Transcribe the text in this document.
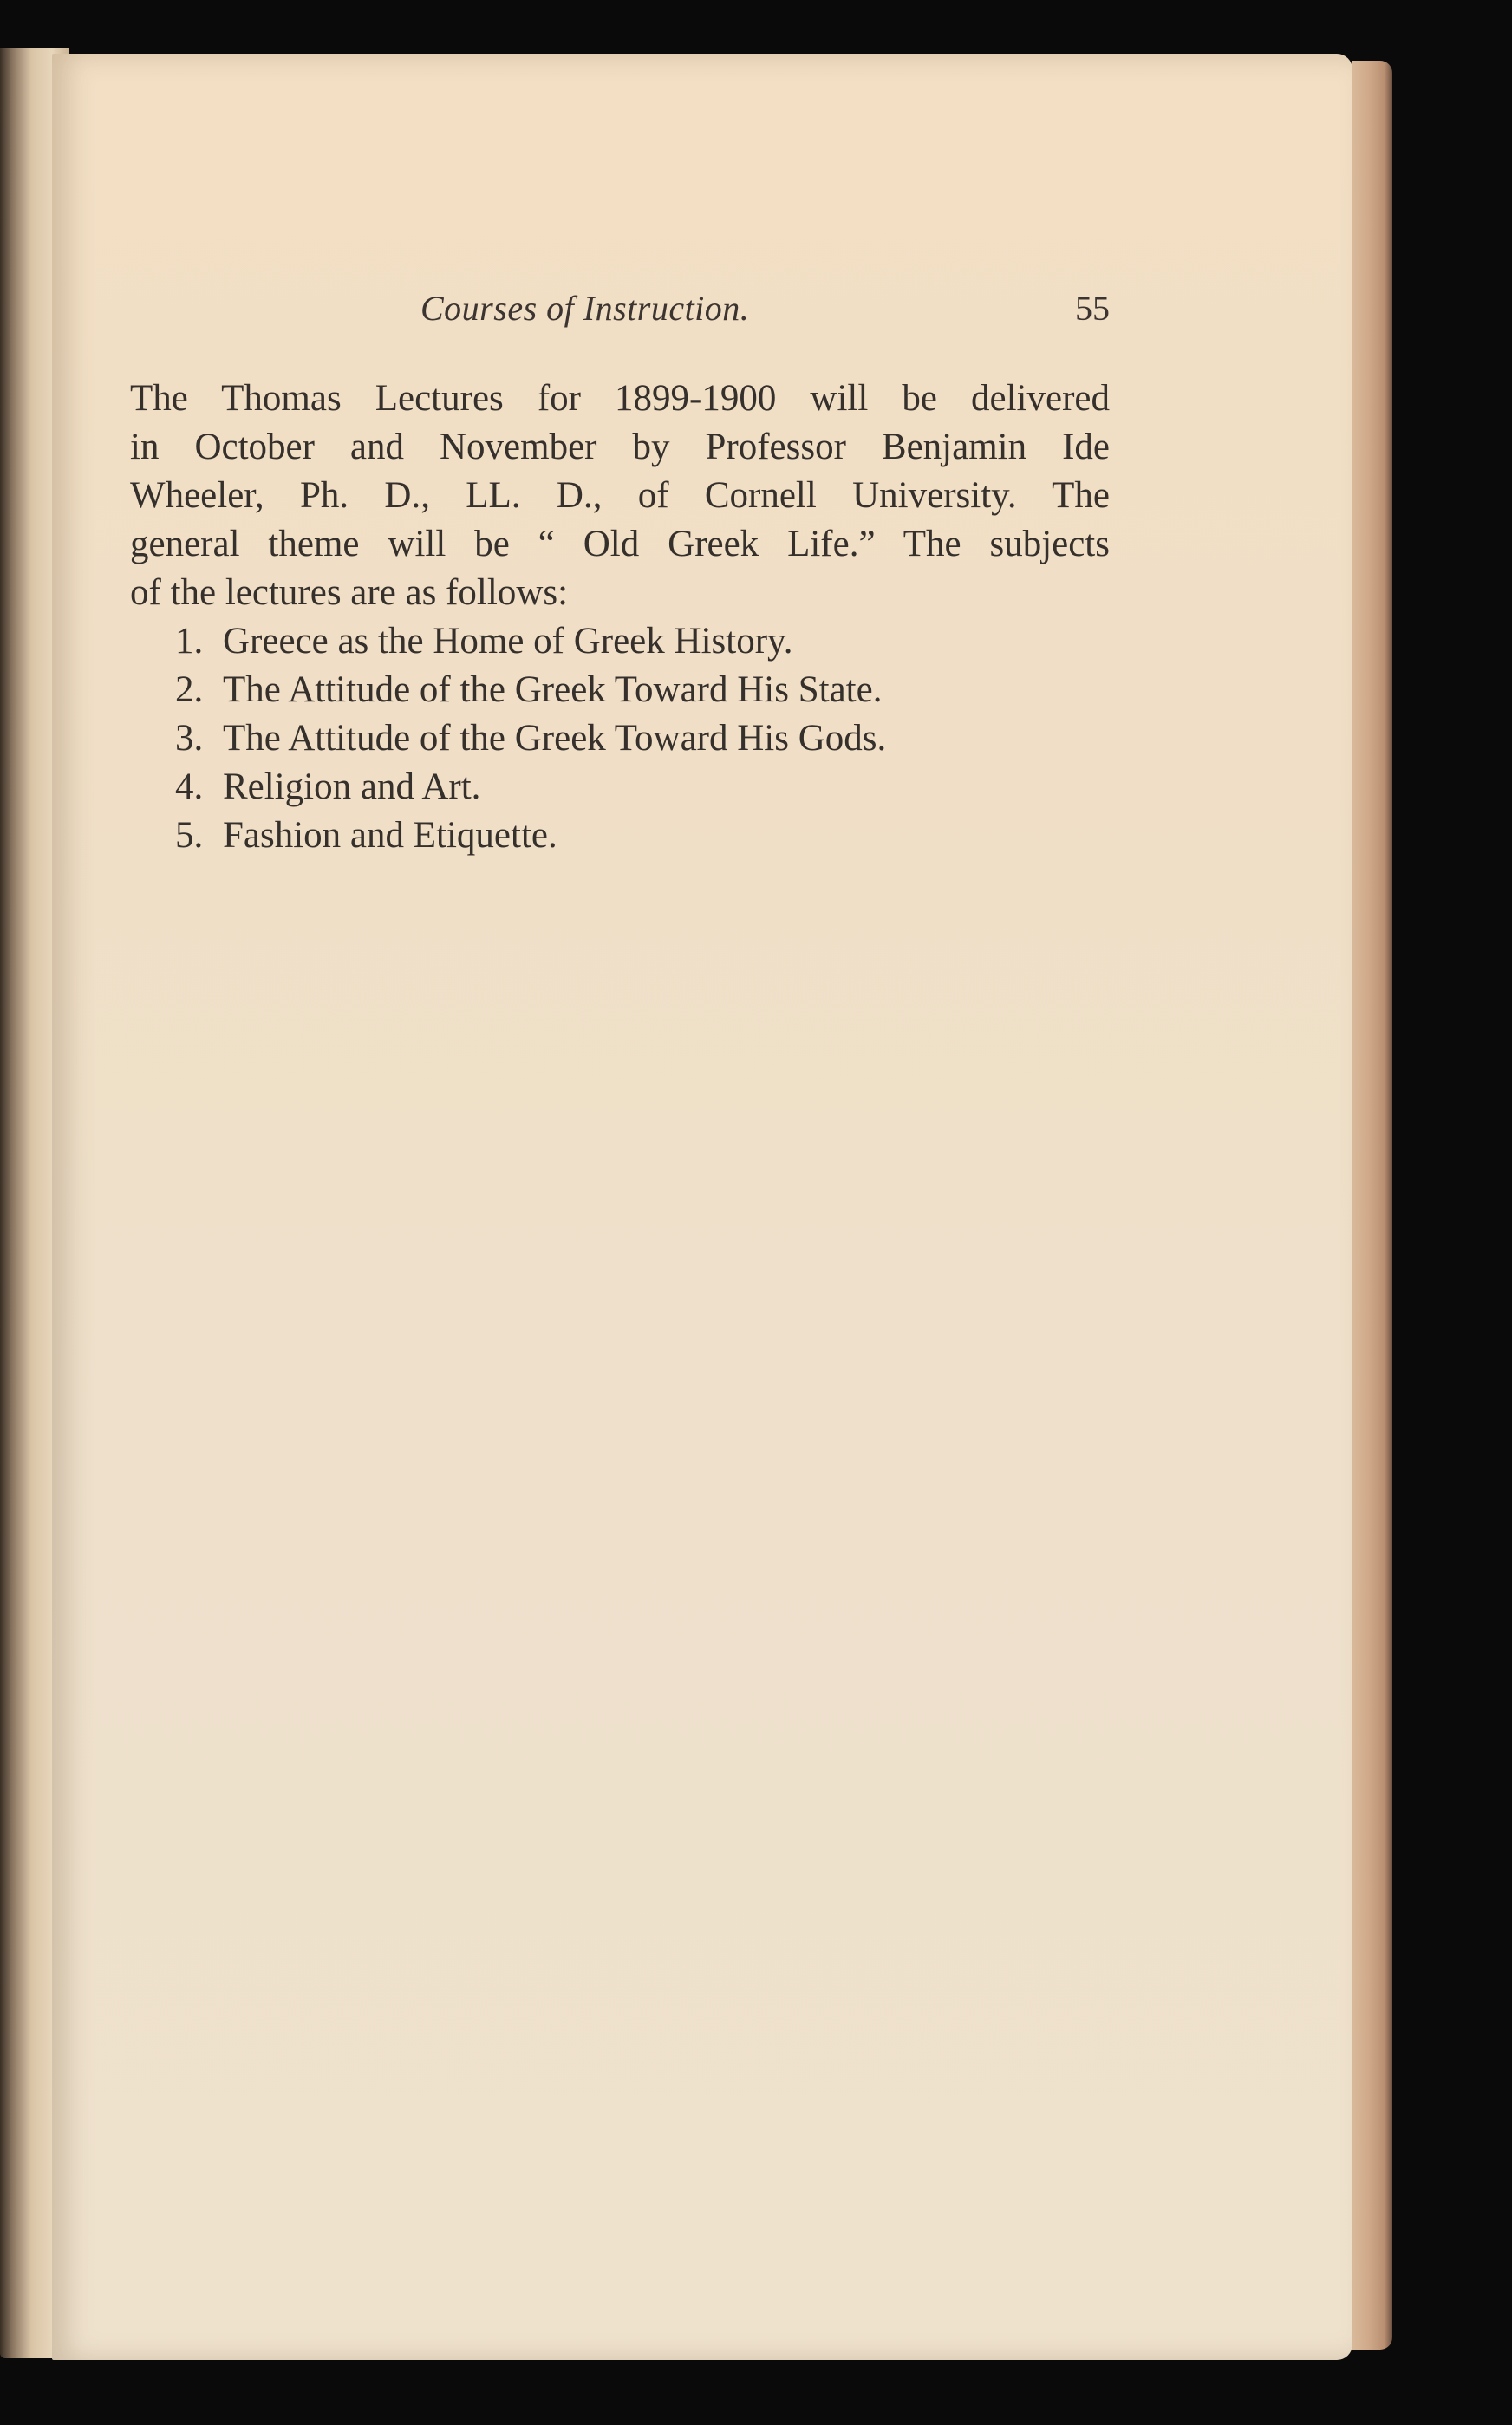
Courses of Instruction.	55
The Thomas Lectures for 1899-1900 will be delivered
in October and November by Professor Benjamin Ide
Wheeler, Ph. D., LL. D., of Cornell University. The
general theme will be “ Old Greek Life.” The subjects
of the lectures are as follows:
1. Greece as the Home of Greek History.
2. The Attitude of the Greek Toward His State.
3. The Attitude of the Greek Toward His Gods.
4. Religion and Art.
5. Fashion and Etiquette.
